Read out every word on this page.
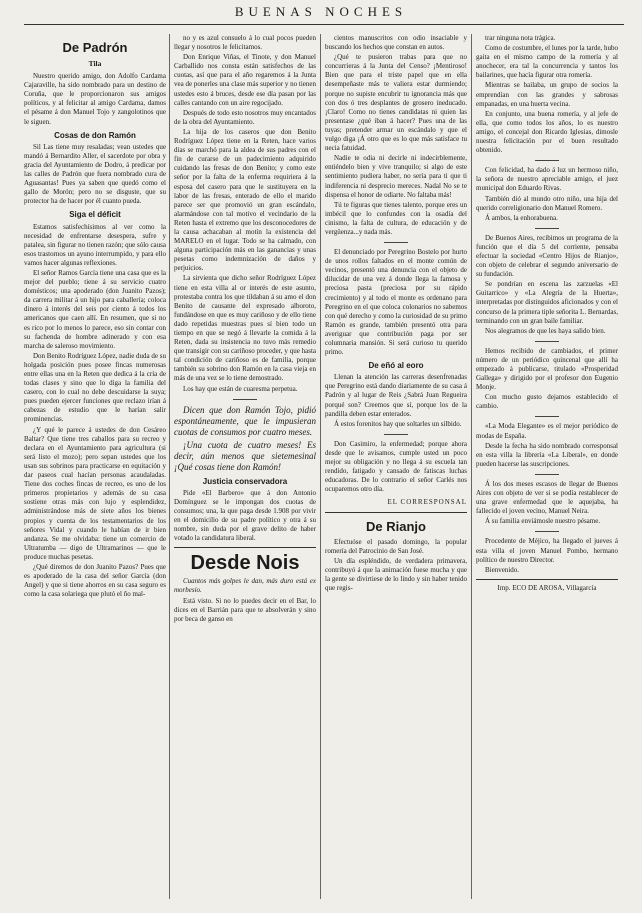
BUENAS NOCHES
De Padrón
Tila

Nuestro querido amigo, don Adolfo Cardama Cajaraville, ha sido nombrado para un destino de Coruña, que le proporcionaron sus amigos políticos, y al felicitar al amigo Cardama, damos el pésame á don Manuel Tojo y zangolotinos que le siguen.

Cosas de don Ramón

Sil Las tiene muy resaladas; vean ustedes que mandó á Bernardito Aller, el sacerdote por obra y gracia del Ayuntamiento de Dodro, á predicar por las calles de Padrón que fuera nombrado cura de Aguasantas! Pues ya saben que quedó como el gallo de Morón; pero no se disguste, que su protector ha de hacer por él cuanto pueda.

Siga el déficit

Estamos satisfechísimos al ver como la necesidad de enfrentarse desespera, sufre y pataleа, sin figurar no tienen razón; que sólo causa esos trastornos un ayuno interrumpido, y para ello vamos hacer algunas reflexiones.

El señor Ramos García tiene una casa que es la mejor del pueblo; tiene á su servicio cuatro domésticos; una apoderado (don Juanito Pazos); da carrera militar á un hijo para caballería; coloca dinero á interés del seis por ciento á todos los americanos que caen allí. En resumen, que si no es rico por lo menos lo parece, eso sin contar con su fachenda de hombre adinerado y con esa marcha de saleroso movimiento.

Don Benito Rodríguez López, nadie duda de su holgada posición pues posee fincas numerosas entre ellas una en la Reten que dedica á la cría de todas clases y sino que lo diga la familia del casero, con lo cual no debe descuidarse la suya; pues pueden ejercer funciones que reclazo irían á cabezas de estudio que le harían salir prominencias.

¿Y qué le parece á ustedes de don Cesáreo Baltar? Que tiene tres caballos para su recreo y declara en el Ayuntamiento para agricultura (si será listo el mozo); pero sepan ustedes que los usan sus sobrinos para practicarse en equitación y dar paseos cual hacían personas acaudaladas. Tiene dos coches fincas de recreo, es uno de los primeros propietarios y además de su casa sostiene otras más con lujo y esplendidez, administrándose más de siete años los bienes propios y cuenta de los testamentarios de los señores Vidal y cuando le habían de ir bien andanza. Se me olvidaba: tiene un comercio de Ultratumba — digo de Ultramarinos — que le produce muchas pesetas.

¿Qué diremos de don Juanito Pazos? Pues que es apoderado de la casa del señor García (don Angel) y que si tiene ahorros en su casa seguro es como la casa solariega que plutó el ño mal-

no y es azul consuelo á lo cual pocos pueden llegar y nosotros le felicitamos.

Don Enrique Viñas, el Tinote, y don Manuel Carballido nos consta están satisfechos de las cuotas, así que para el año regaremos á la Junta vea de ponerles una clase más superior y no tienen ustedes esto á bruces, desde ese día pasan por las calles cantando con un aire regocijado.

Después de todo esto nosotros muy encantados de la obra del Ayuntamiento.

La hija de los caseros que don Benito Rodríguez López tiene en la Reten, hace varios días se marchó para la aldea de sus padres con el fin de curarse de un padecimiento adquirido cuidando las fresas de don Benito; y como este señor por la falta de la enferma requiriera á la esposa del casero para que le sustituyera en la labor de las fresas, enterado de ello el marido parece ser que promovió un gran escándalo, alarmándose con tal motivo el vecindario de la Reten hasta el extremo que los desconocedores de la causa achacaban al motín la existencia del MARELO en el lugar. Todo se ha calmado, con alguna participación más en las ganancias y unas pesetas como indemnización de daños y perjuicios.

La sirvienta que dicho señor Rodríguez López tiene en esta villa al or interés de este asunto, protestaba contra los que tildaban á su amo el don Benito de causante del expresado alboroto, fundándose en que es muy cariñoso y de ello tiene dado repetidas muestras pues sí bien todo un tiempo en que se negó á llevarle la comida á la Reten, dada su insistencia no tuvo más remedio que transigir con su cariñoso proceder, y que hasta tal condición de cariñoso es de familia, porque también su sobrino don Ramón en la casa vieja en más de una vez se lo tiene demostrado.

Los hay que están de cuaresma perpetua.

Dicen que don Ramón Tojo, pidió espontáneamente, que le impusieran cuotas de consumos por cuatro meses.

¡Una cuota de cuatro meses! Es decir, aún menos que sietemesinal ¡Qué cosas tiene don Ramón!

Justicia conservadora

Pide «El Barbero» que á don Antonio Domínguez se le impongan dos cuotas de consumos; una, la que paga desde 1.908 por vivir en el domicilio de su padre político y otra á su nombre, sin duda por el grave delito de haber votado la candidatura liberal.

Desde Nois

Cuantos más golpes le dan, más duro está ex morbesio.

Está visto. Si no lo puedes decir en el Bar, lo dices en el Barrián para que te absolverán y sino por beca de ganso en

cientos manuscritos con odio insaciable y buscando los hechos que constan en autos.

¿Qué te pusieron trabas para que no concurrieras á la Junta del Censo? ¡Mentiroso! Bien que para el triste papel que en ella desempeñaste más te valiera estar durmiendo; porque no supiste encubrir tu ignorancia más que con dos ó tres desplantes de grosero ineducado. ¡Claro! Como no tienes candidatas ni quien las presentase ¿qué iban á hacer? Pues una de las tuyas; pretender armar un escándalo y que el vulgo diga ¡Á otro que es lo que más satisface tu necia fatuidad.

Nadie te odia ni decirle ni indecirblemente, entiéndelo bien y vive tranquilo; si algo de este sentimiento pudiera haber, no sería para ti que ti indiferencia ni desprecio mereces. Nadal No se te dispensa el honor de odiarte. No faltaba más!

Tú te figuras que tienes talento, porque eres un imbécil que lo confundes con la osadía del cinismo, la falta de cultura, de educación y de vergüenza...y nada más.

El denunciado por Peregrino Bostelo por hurto de unos rollos faltados en el monte común de vecinos, presentó una denuncia con el objeto de diluсidar de una vez á donde llega la famosa y preciosa pasta (preciosa por su rápido crecimiento) y al todo el monte es ordenano para Peregrino en el que coloca colonarios no sabemos con qué derecho y como la curiosidad de su primo Ramón es grande, también presentó otra para averiguar que contribución paga por ser columnaria mansión. Si será curioso tu querido primo.

De eñó al eoro

Llenan la atención las carreras desenfrenadas que Peregrino está dando diariamente de su casa á Padrón y al lugar de Reis ¿Sabrá Juan Regueira porqué son? Creemos que sí, porque los de la pandilla deben estar enterados.

Á estos forenitos hay que soltarles un silbido.

Don Casimiro, la enfermedad; porque ahora desde que le avisamos, cumple usted un poco mejor su obligación y no llega á su escuela tan rendido, fatigado y cansado de fatiscas luchas educadoras. De lo contrario el señor Carlés nos ocuparemos otro día.

EL CORRESPONSAL
De Rianjo

Efectuóse el pasado domingo, la popular romería del Patrocinio de San José.

Un día espléndido, de verdadera primavera, contribuyó á que la animación fuese mucha y que la gente se divirtiese de lo lindo y sin haber tenido que regis-

trar ninguna nota trágica.

Como de costumbre, el lunes por la tarde, hubo gaita en el mismo campo de la romería y al anochecer, era tal la concurrencia y tantos los bailarines, que hacía figurar otra romería.

Mientras se bailaba, un grupo de socios la emprendían con las grandes y sabrosas empanadas, en una huerta vecina.

En conjunto, una buena romería, y al jefe de ella, que como todos los años, lo es nuestro amigo, el concejal don Ricardo Iglesias, dimosle nuestra felicitación por el buen resultado obtenido.

Con felicidad, ha dado á luz un hermoso niño, la señora de nuestro apreciable amigo, el juez municipal don Eduardo Rivas.

También dió al mundo otro niño, una hija del querido correligionario don Manuel Romero.

Á ambos, la enhorabuena.

De Buenos Aires, recibimos un programa de la función que el día 5 del corriente, pensaba efectuar la sociedad «Centro Hijos de Rianjo», con objeto de celebrar el segundo aniversario de su fundación.

Se pondrían en escena las zarzuelas «El Guitarrico» y «La Alegría de la Huerta», interpretadas por distinguidos aficionados y con el concurso de la primera tiple señorita L. Bernardas, terminando con un gran baile familiar.

Nos alegramos de que les haya salido bien.

Hemos recibido de cambiados, el primer número de un periódico quincenal que allí ha empezado á publicarse, titulado «Prosperidad Gallega» y dirigido por el profesor don Eugenio Monje.

Con mucho gusto dejamos establecido el cambio.

«La Moda Elegante» es el mejor periódico de modas de España.

Desde la fecha ha sido nombrado corresponsal en esta villa la librería «La Liberal», en donde pueden hacerse las suscripciones.

Á los dos meses escasos de llegar de Buenos Aires con objeto de ver si se podía restablecer de una grave enfermedad que le aquejaba, ha fallecido el joven vecino, Manuel Neira.

Á su familia enviámosle nuestro pésame.

Procedente de Méjico, ha llegado el jueves á esta villa el joven Manuel Pombo, hermano político de nuestro Director.

Bienvenido.

Imp. ECO DE AROSA, Villagarcía
